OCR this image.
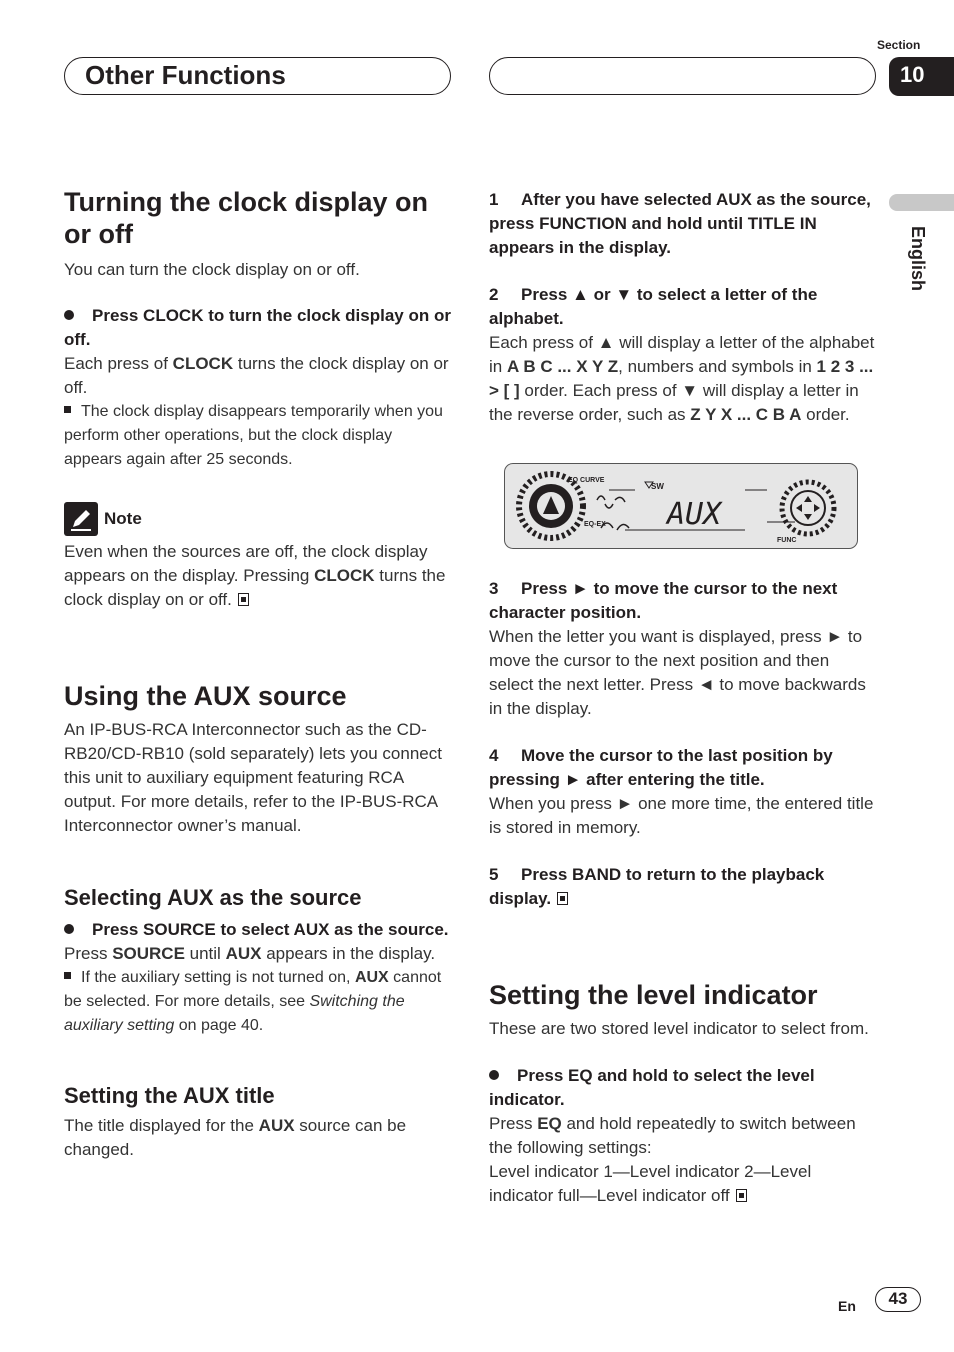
Other Functions
Section
10
English
Turning the clock display on or off

You can turn the clock display on or off.

Press CLOCK to turn the clock display on or off.

Each press of CLOCK turns the clock display on or off.

The clock display disappears temporarily when you perform other operations, but the clock display appears again after 25 seconds.

Note

Even when the sources are off, the clock display appears on the display. Pressing CLOCK turns the clock display on or off.

Using the AUX source

An IP-BUS-RCA Interconnector such as the CD-RB20/CD-RB10 (sold separately) lets you connect this unit to auxiliary equipment featuring RCA output. For more details, refer to the IP-BUS-RCA Interconnector owner’s manual.

Selecting AUX as the source

Press SOURCE to select AUX as the source.

Press SOURCE until AUX appears in the display.

If the auxiliary setting is not turned on, AUX cannot be selected. For more details, see Switching the auxiliary setting on page 40.

Setting the AUX title

The title displayed for the AUX source can be changed.

1 After you have selected AUX as the source, press FUNCTION and hold until TITLE IN appears in the display.

2 Press ▲ or ▼ to select a letter of the alphabet.

Each press of ▲ will display a letter of the alphabet in A B C ... X Y Z, numbers and symbols in 1 2 3 ... > [ ] order. Each press of ▼ will display a letter in the reverse order, such as Z Y X ... C B A order.

EQ CURVE
EQ-EX
SW
AUX
FUNC

3 Press ► to move the cursor to the next character position.

When the letter you want is displayed, press ► to move the cursor to the next position and then select the next letter. Press ◄ to move backwards in the display.

4 Move the cursor to the last position by pressing ► after entering the title.

When you press ► one more time, the entered title is stored in memory.

5 Press BAND to return to the playback display.

Setting the level indicator

These are two stored level indicator to select from.

Press EQ and hold to select the level indicator.

Press EQ and hold repeatedly to switch between the following settings:

Level indicator 1—Level indicator 2—Level indicator full—Level indicator off

En	43
